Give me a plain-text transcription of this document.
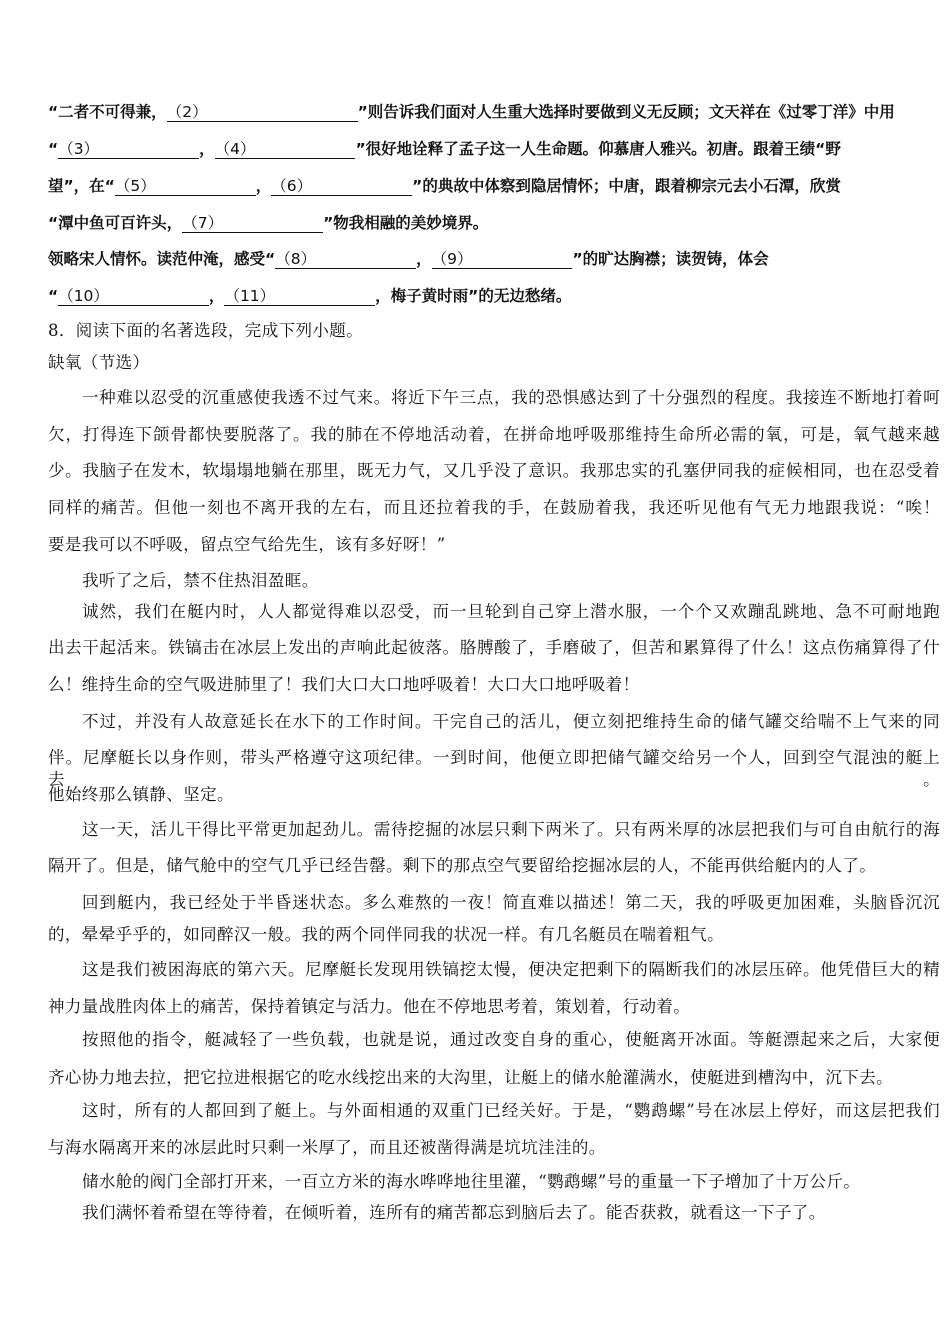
“二者不可得兼，（2）	”则告诉我们面对人生重大选择时要做到义无反顾；文天祥在《过零丁洋》中用
“（3）	，（4）	”很好地诠释了孟子这一人生命题。仰慕唐人雅兴。初唐。跟着王绩“野
望”，在“（5）	，（6）	”的典故中体察到隐居情怀；中唐，跟着柳宗元去小石潭，欣赏
“潭中鱼可百许头，（7）	”物我相融的美妙境界。
领略宋人情怀。读范仲淹，感受“（8）	，（9）	”的旷达胸襟；读贺铸，体会
“（10）	，（11）	，梅子黄时雨”的无边愁绪。
8．阅读下面的名著选段，完成下列小题。
缺氧（节选）
一种难以忍受的沉重感使我透不过气来。将近下午三点，我的恐惧感达到了十分强烈的程度。我接连不断地打着呵
欠，打得连下颌骨都快要脱落了。我的肺在不停地活动着，在拼命地呼吸那维持生命所必需的氧，可是，氧气越来越
少。我脑子在发木，软塌塌地躺在那里，既无力气，又几乎没了意识。我那忠实的孔塞伊同我的症候相同，也在忍受着
同样的痛苦。但他一刻也不离开我的左右，而且还拉着我的手，在鼓励着我，我还听见他有气无力地跟我说：“唉！
要是我可以不呼吸，留点空气给先生，该有多好呀！”
我听了之后，禁不住热泪盈眶。
诚然，我们在艇内时，人人都觉得难以忍受，而一旦轮到自己穿上潜水服，一个个又欢蹦乱跳地、急不可耐地跑
出去干起活来。铁镐击在冰层上发出的声响此起彼落。胳膊酸了，手磨破了，但苦和累算得了什么！这点伤痛算得了什
么！维持生命的空气吸进肺里了！我们大口大口地呼吸着！大口大口地呼吸着！
不过，并没有人故意延长在水下的工作时间。干完自己的活儿，便立刻把维持生命的储气罐交给喘不上气来的同
伴。尼摩艇长以身作则，带头严格遵守这项纪律。一到时间，他便立即把储气罐交给另一个人，回到空气混浊的艇上去。
他始终那么镇静、坚定。
这一天，活儿干得比平常更加起劲儿。需待挖掘的冰层只剩下两米了。只有两米厚的冰层把我们与可自由航行的海
隔开了。但是，储气舱中的空气几乎已经告罄。剩下的那点空气要留给挖掘冰层的人，不能再供给艇内的人了。
回到艇内，我已经处于半昏迷状态。多么难熬的一夜！简直难以描述！第二天，我的呼吸更加困难，头脑昏沉沉
的，晕晕乎乎的，如同醉汉一般。我的两个同伴同我的状况一样。有几名艇员在喘着粗气。
这是我们被困海底的第六天。尼摩艇长发现用铁镐挖太慢，便决定把剩下的隔断我们的冰层压碎。他凭借巨大的精
神力量战胜肉体上的痛苦，保持着镇定与活力。他在不停地思考着，策划着，行动着。
按照他的指令，艇减轻了一些负载，也就是说，通过改变自身的重心，使艇离开冰面。等艇漂起来之后，大家便
齐心协力地去拉，把它拉进根据它的吃水线挖出来的大沟里，让艇上的储水舱灌满水，使艇进到槽沟中，沉下去。
这时，所有的人都回到了艇上。与外面相通的双重门已经关好。于是，“鹦鹉螺”号在冰层上停好，而这层把我们
与海水隔离开来的冰层此时只剩一米厚了，而且还被凿得满是坑坑洼洼的。
储水舱的阀门全部打开来，一百立方米的海水哗哗地往里灌，“鹦鹉螺”号的重量一下子增加了十万公斤。
我们满怀着希望在等待着，在倾听着，连所有的痛苦都忘到脑后去了。能否获救，就看这一下子了。
